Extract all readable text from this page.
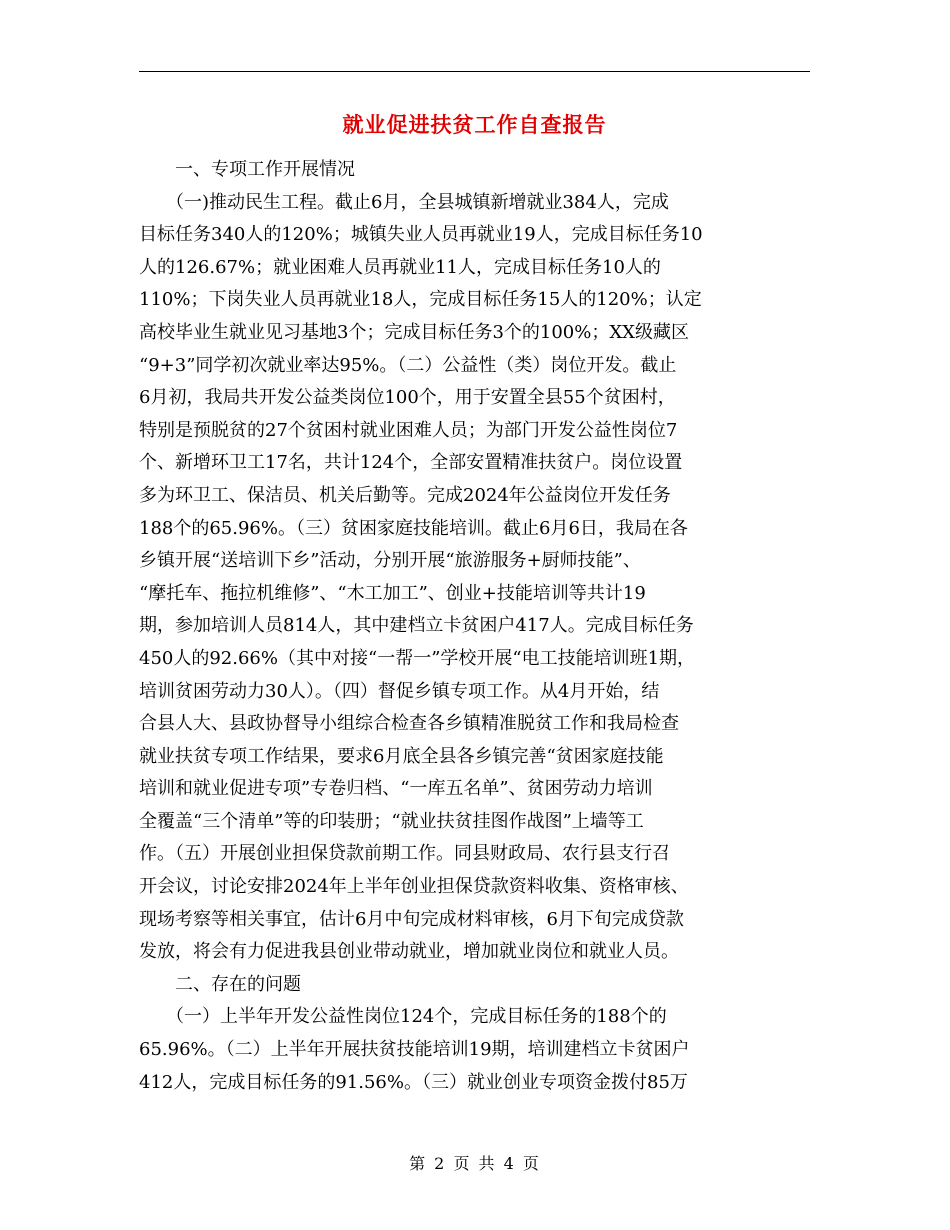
就业促进扶贫工作自查报告
　　一、专项工作开展情况
　　（一)推动民生工程。截止6月，全县城镇新增就业384人，完成
目标任务340人的120%；城镇失业人员再就业19人，完成目标任务10
人的126.67%；就业困难人员再就业11人，完成目标任务10人的
110%；下岗失业人员再就业18人，完成目标任务15人的120%；认定
高校毕业生就业见习基地3个；完成目标任务3个的100%；XX级藏区
“9+3”同学初次就业率达95%。（二）公益性（类）岗位开发。截止
6月初，我局共开发公益类岗位100个，用于安置全县55个贫困村，
特别是预脱贫的27个贫困村就业困难人员；为部门开发公益性岗位7
个、新增环卫工17名，共计124个，全部安置精准扶贫户。岗位设置
多为环卫工、保洁员、机关后勤等。完成2024年公益岗位开发任务
188个的65.96%。（三）贫困家庭技能培训。截止6月6日，我局在各
乡镇开展“送培训下乡”活动，分别开展“旅游服务+厨师技能”、
“摩托车、拖拉机维修”、“木工加工”、创业+技能培训等共计19
期，参加培训人员814人，其中建档立卡贫困户417人。完成目标任务
450人的92.66%（其中对接“一帮一”学校开展“电工技能培训班1期，
培训贫困劳动力30人）。（四）督促乡镇专项工作。从4月开始，结
合县人大、县政协督导小组综合检查各乡镇精准脱贫工作和我局检查
就业扶贫专项工作结果，要求6月底全县各乡镇完善“贫困家庭技能
培训和就业促进专项”专卷归档、“一库五名单”、贫困劳动力培训
全覆盖“三个清单”等的印装册；“就业扶贫挂图作战图”上墙等工
作。（五）开展创业担保贷款前期工作。同县财政局、农行县支行召
开会议，讨论安排2024年上半年创业担保贷款资料收集、资格审核、
现场考察等相关事宜，估计6月中旬完成材料审核，6月下旬完成贷款
发放，将会有力促进我县创业带动就业，增加就业岗位和就业人员。
　　二、存在的问题
　　（一）上半年开发公益性岗位124个，完成目标任务的188个的
65.96%。（二）上半年开展扶贫技能培训19期，培训建档立卡贫困户
412人，完成目标任务的91.56%。（三）就业创业专项资金拨付85万
第 2 页 共 4 页
